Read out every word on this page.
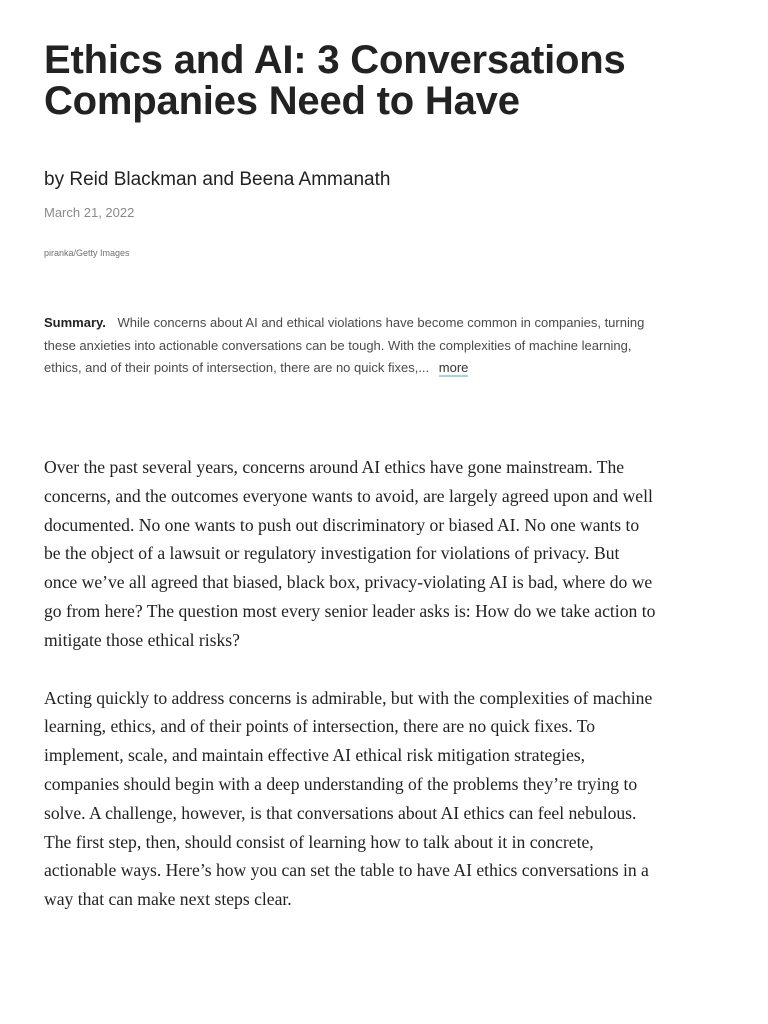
Ethics and AI: 3 Conversations Companies Need to Have
by Reid Blackman and Beena Ammanath
March 21, 2022
piranka/Getty Images
Summary. While concerns about AI and ethical violations have become common in companies, turning these anxieties into actionable conversations can be tough. With the complexities of machine learning, ethics, and of their points of intersection, there are no quick fixes,... more

Over the past several years, concerns around AI ethics have gone mainstream. The concerns, and the outcomes everyone wants to avoid, are largely agreed upon and well documented. No one wants to push out discriminatory or biased AI. No one wants to be the object of a lawsuit or regulatory investigation for violations of privacy. But once we’ve all agreed that biased, black box, privacy-violating AI is bad, where do we go from here? The question most every senior leader asks is: How do we take action to mitigate those ethical risks?

Acting quickly to address concerns is admirable, but with the complexities of machine learning, ethics, and of their points of intersection, there are no quick fixes. To implement, scale, and maintain effective AI ethical risk mitigation strategies, companies should begin with a deep understanding of the problems they’re trying to solve. A challenge, however, is that conversations about AI ethics can feel nebulous. The first step, then, should consist of learning how to talk about it in concrete, actionable ways. Here’s how you can set the table to have AI ethics conversations in a way that can make next steps clear.
